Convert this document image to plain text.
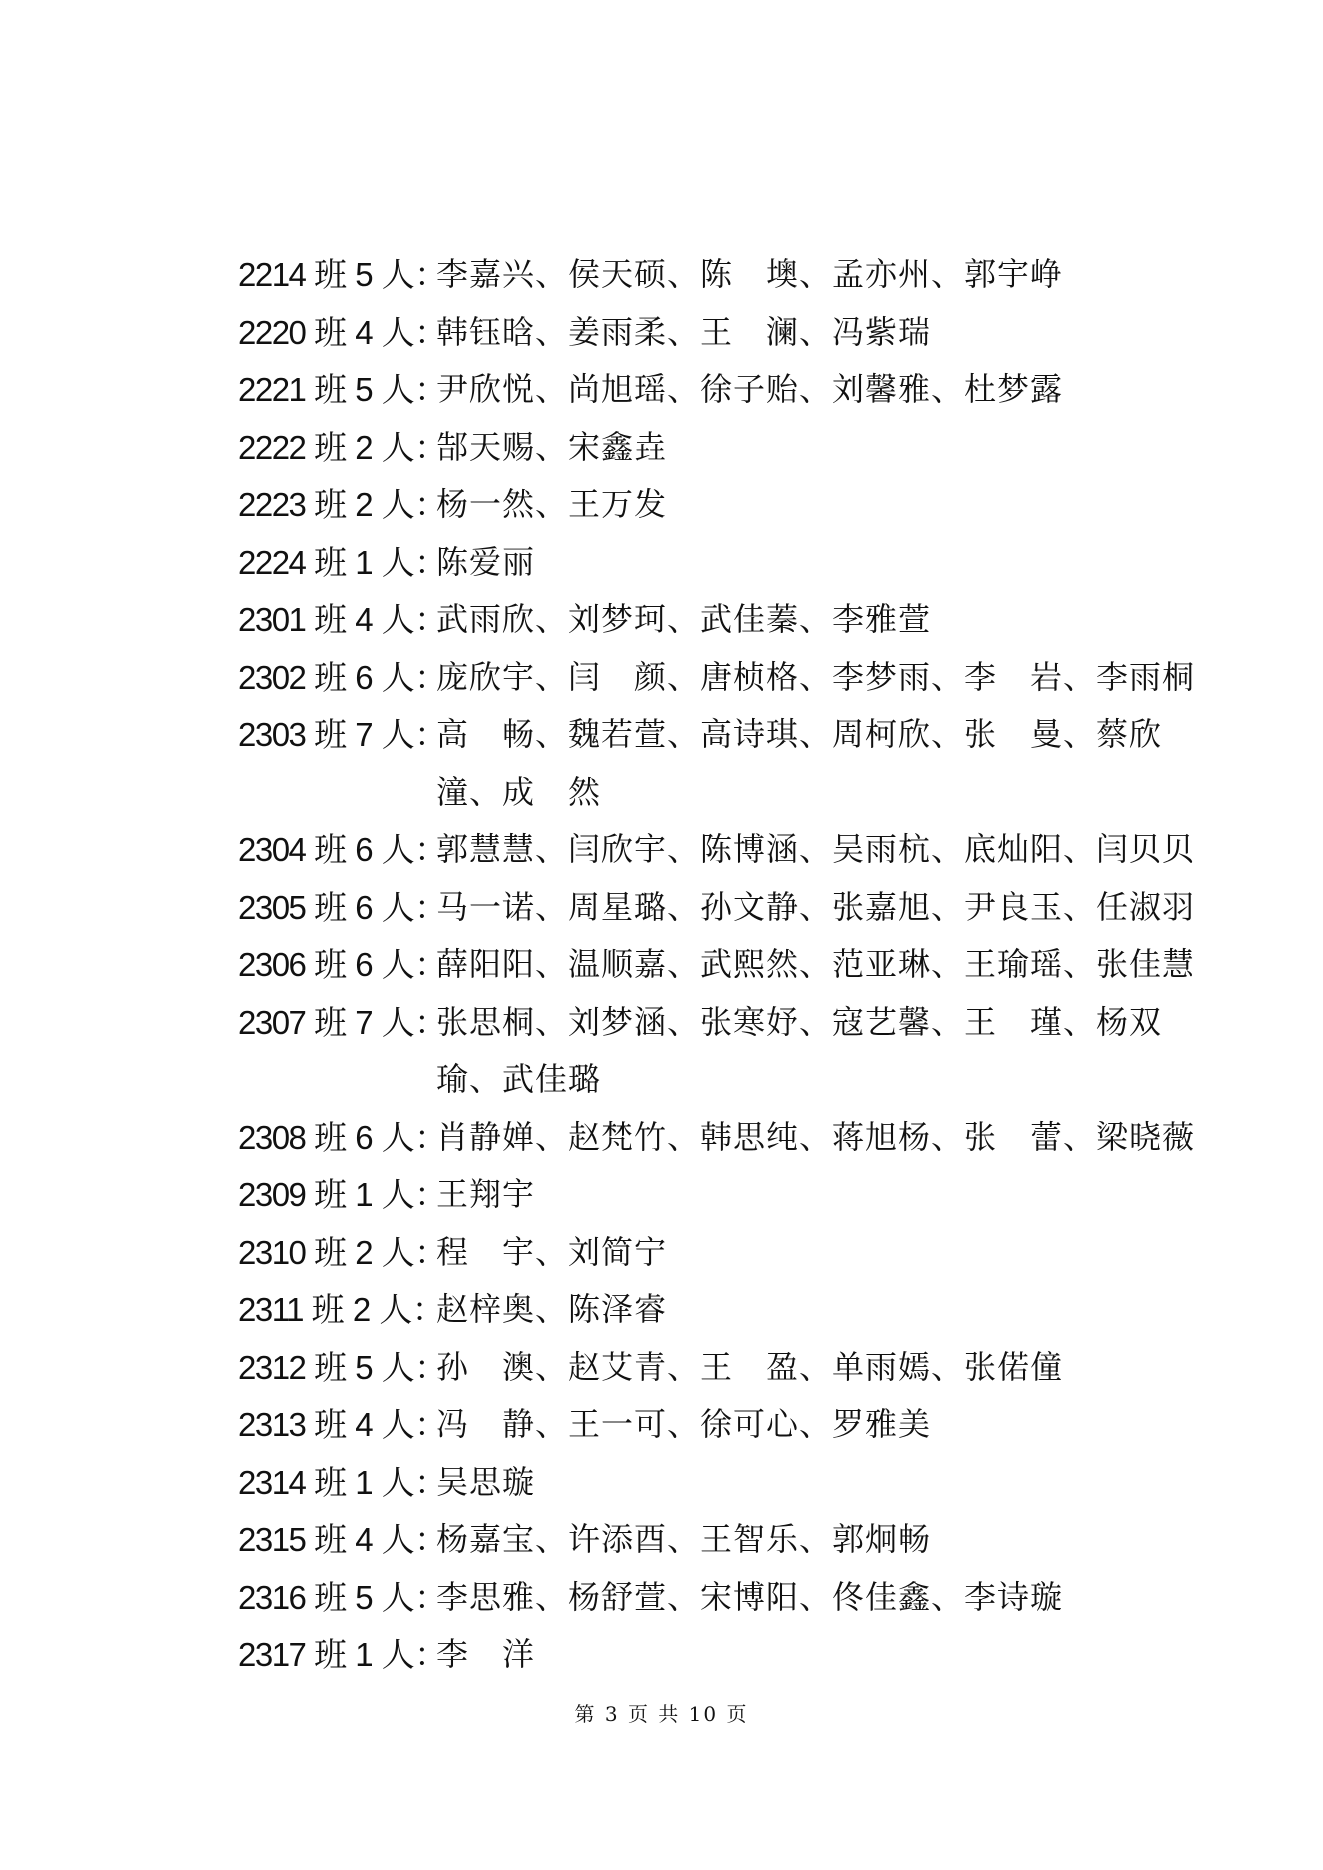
2214 班 5 人：
李嘉兴、侯天硕、陈　墺、孟亦州、郭宇峥
2220 班 4 人：
韩钰晗、姜雨柔、王　澜、冯紫瑞
2221 班 5 人：
尹欣悦、尚旭瑶、徐子贻、刘馨雅、杜梦露
2222 班 2 人：
郜天赐、宋鑫垚
2223 班 2 人：
杨一然、王万发
2224 班 1 人：
陈爱丽
2301 班 4 人：
武雨欣、刘梦珂、武佳蓁、李雅萱
2302 班 6 人：
庞欣宇、闫　颜、唐桢格、李梦雨、李　岩、李雨桐
2303 班 7 人：
高　畅、魏若萱、高诗琪、周柯欣、张　曼、蔡欣潼、成　然
2304 班 6 人：
郭慧慧、闫欣宇、陈博涵、吴雨杭、底灿阳、闫贝贝
2305 班 6 人：
马一诺、周星璐、孙文静、张嘉旭、尹良玉、任淑羽
2306 班 6 人：
薛阳阳、温顺嘉、武熙然、范亚琳、王瑜瑶、张佳慧
2307 班 7 人：
张思桐、刘梦涵、张寒妤、寇艺馨、王　瑾、杨双瑜、武佳璐
2308 班 6 人：
肖静婵、赵梵竹、韩思纯、蒋旭杨、张　蕾、梁晓薇
2309 班 1 人：
王翔宇
2310 班 2 人：
程　宇、刘简宁
2311 班 2 人：
赵梓奥、陈泽睿
2312 班 5 人：
孙　澳、赵艾青、王　盈、单雨嫣、张偌僮
2313 班 4 人：
冯　静、王一可、徐可心、罗雅美
2314 班 1 人：
吴思璇
2315 班 4 人：
杨嘉宝、许添酉、王智乐、郭炯畅
2316 班 5 人：
李思雅、杨舒萱、宋博阳、佟佳鑫、李诗璇
2317 班 1 人：
李　洋
第 3 页 共 10 页
